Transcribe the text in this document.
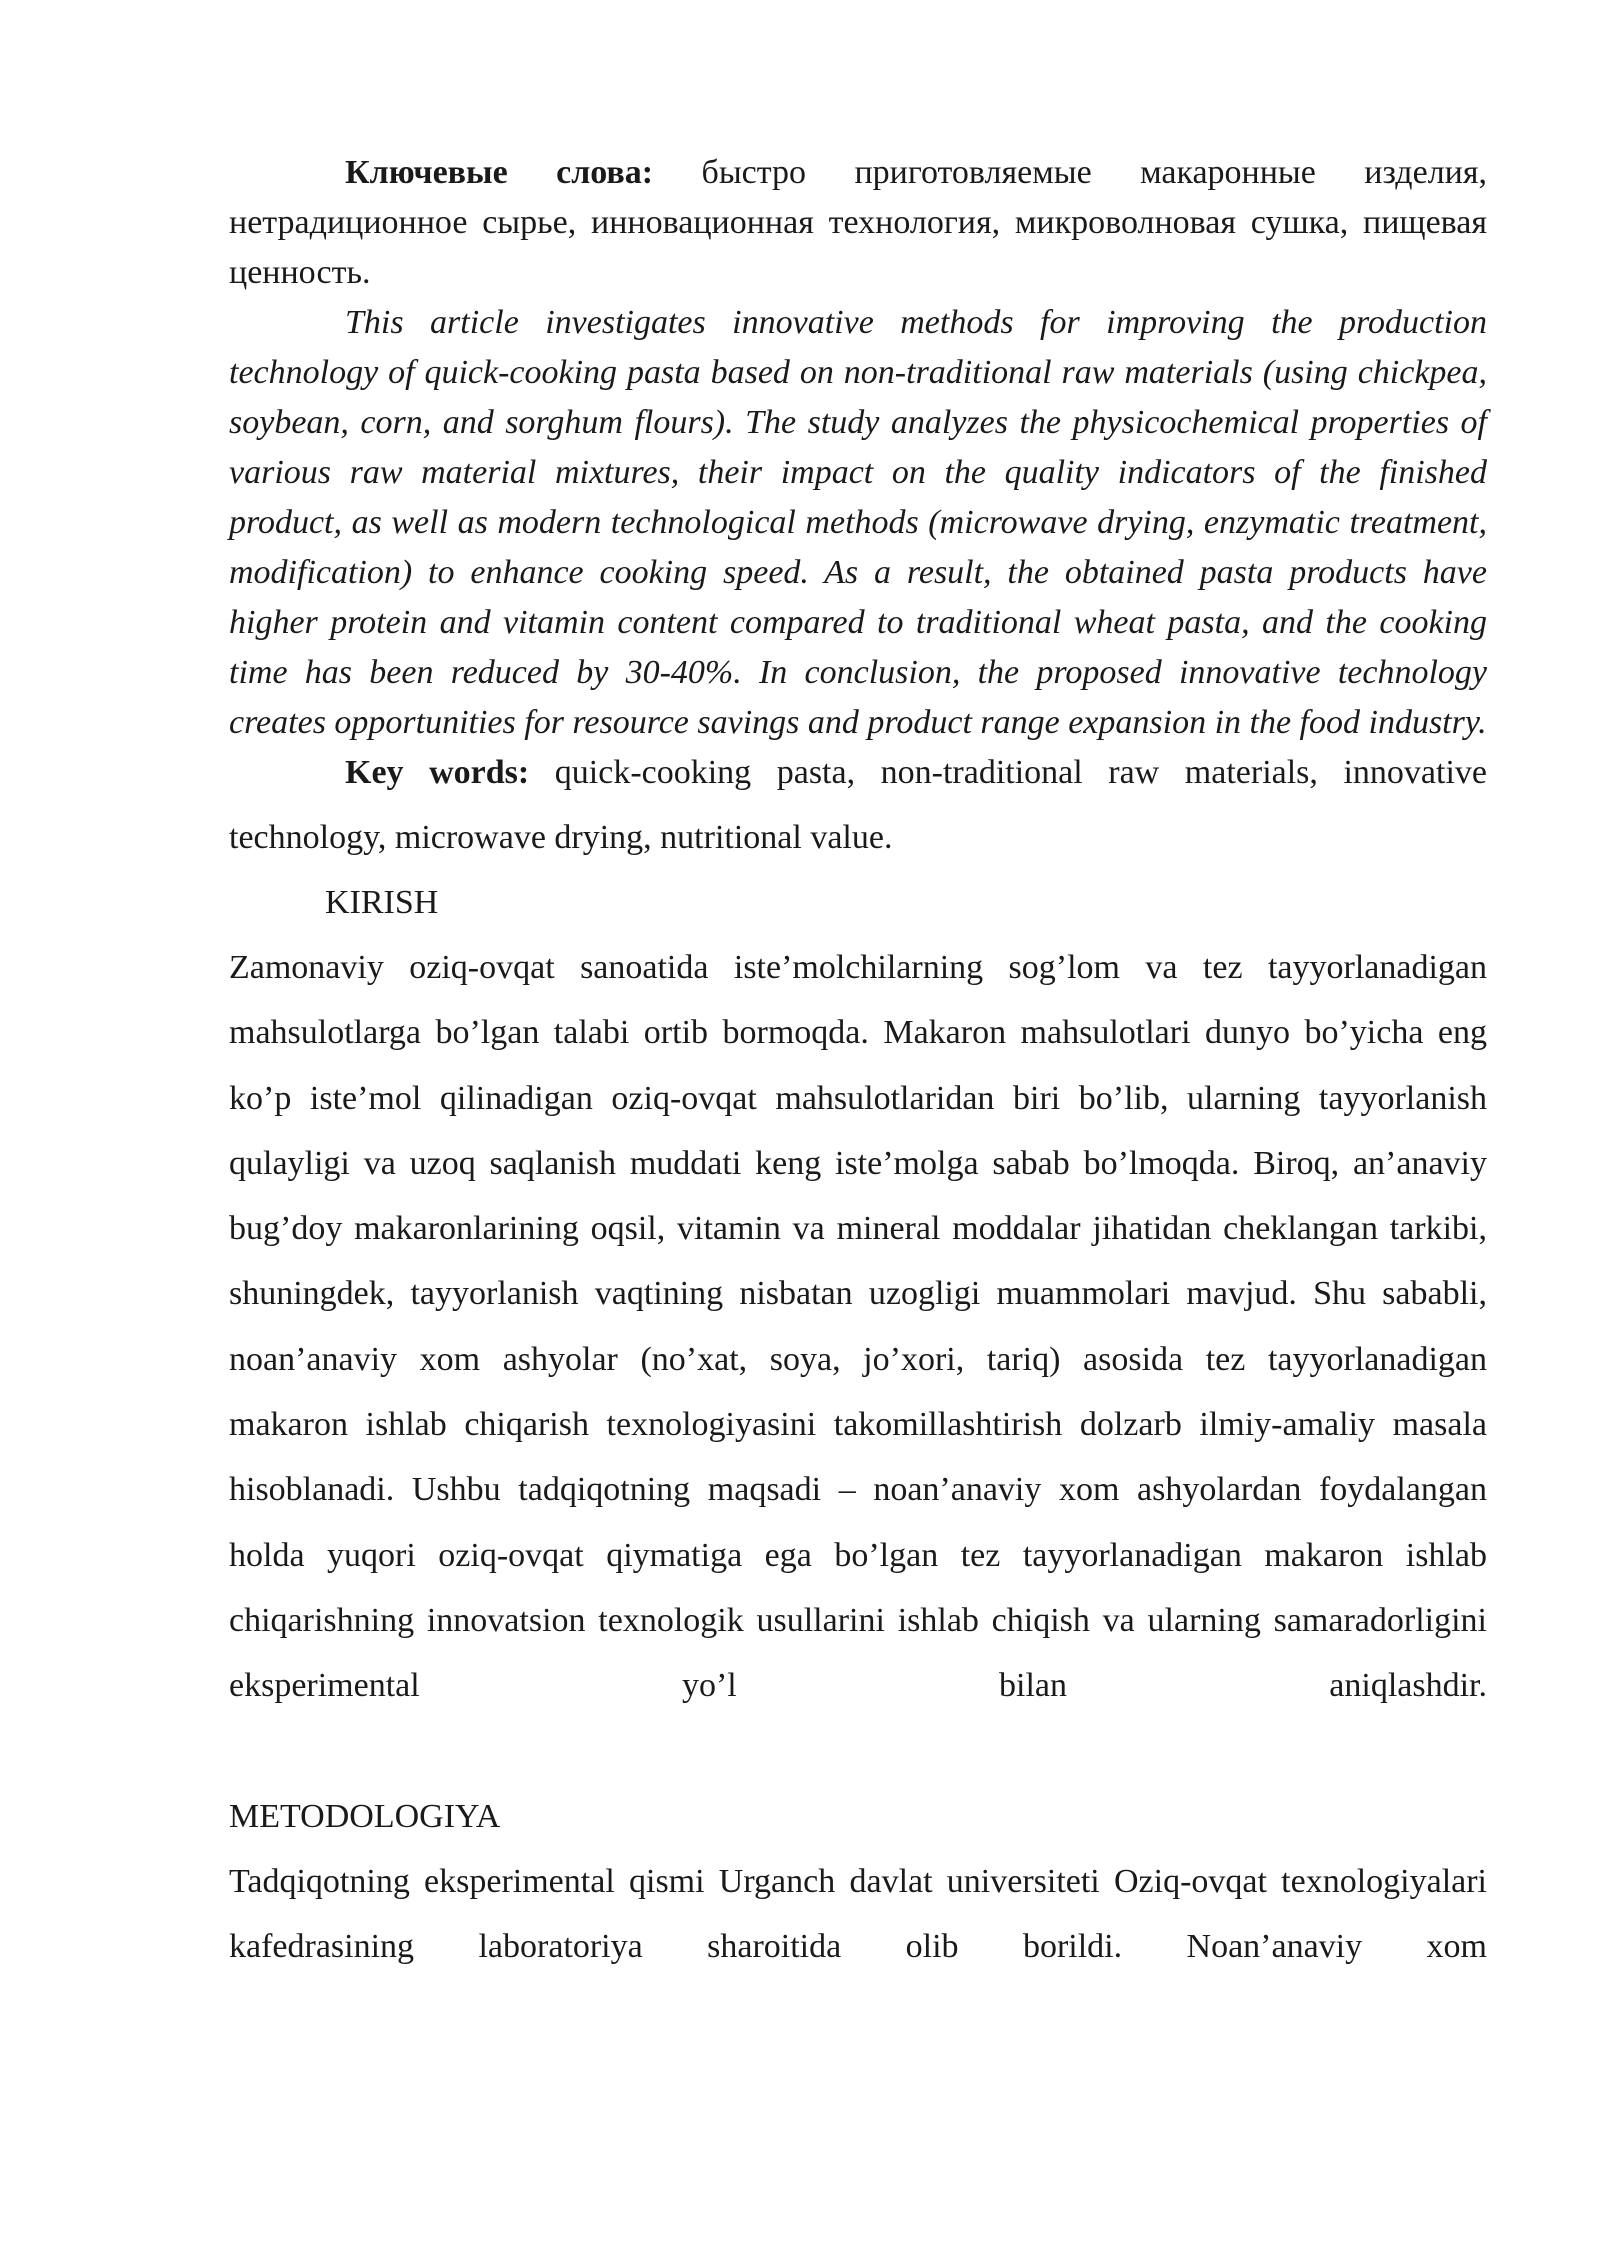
Ключевые слова: быстро приготовляемые макаронные изделия, нетрадиционное сырье, инновационная технология, микроволновая сушка, пищевая ценность.

This article investigates innovative methods for improving the production technology of quick-cooking pasta based on non-traditional raw materials (using chickpea, soybean, corn, and sorghum flours). The study analyzes the physicochemical properties of various raw material mixtures, their impact on the quality indicators of the finished product, as well as modern technological methods (microwave drying, enzymatic treatment, modification) to enhance cooking speed. As a result, the obtained pasta products have higher protein and vitamin content compared to traditional wheat pasta, and the cooking time has been reduced by 30-40%. In conclusion, the proposed innovative technology creates opportunities for resource savings and product range expansion in the food industry.

Key words: quick-cooking pasta, non-traditional raw materials, innovative technology, microwave drying, nutritional value.

KIRISH

Zamonaviy oziq-ovqat sanoatida iste’molchilarning sog’lom va tez tayyorlanadigan mahsulotlarga bo’lgan talabi ortib bormoqda. Makaron mahsulotlari dunyo bo’yicha eng ko’p iste’mol qilinadigan oziq-ovqat mahsulotlaridan biri bo’lib, ularning tayyorlanish qulayligi va uzoq saqlanish muddati keng iste’molga sabab bo’lmoqda. Biroq, an’anaviy bug’doy makaronlarining oqsil, vitamin va mineral moddalar jihatidan cheklangan tarkibi, shuningdek, tayyorlanish vaqtining nisbatan uzogligi muammolari mavjud. Shu sababli, noan’anaviy xom ashyolar (no’xat, soya, jo’xori, tariq) asosida tez tayyorlanadigan makaron ishlab chiqarish texnologiyasini takomillashtirish dolzarb ilmiy-amaliy masala hisoblanadi. Ushbu tadqiqotning maqsadi – noan’anaviy xom ashyolardan foydalangan holda yuqori oziq-ovqat qiymatiga ega bo’lgan tez tayyorlanadigan makaron ishlab chiqarishning innovatsion texnologik usullarini ishlab chiqish va ularning samaradorligini eksperimental yo’l bilan aniqlashdir.

METODOLOGIYA

Tadqiqotning eksperimental qismi Urganch davlat universiteti Oziq-ovqat texnologiyalari kafedrasining laboratoriya sharoitida olib borildi. Noan’anaviy xom
